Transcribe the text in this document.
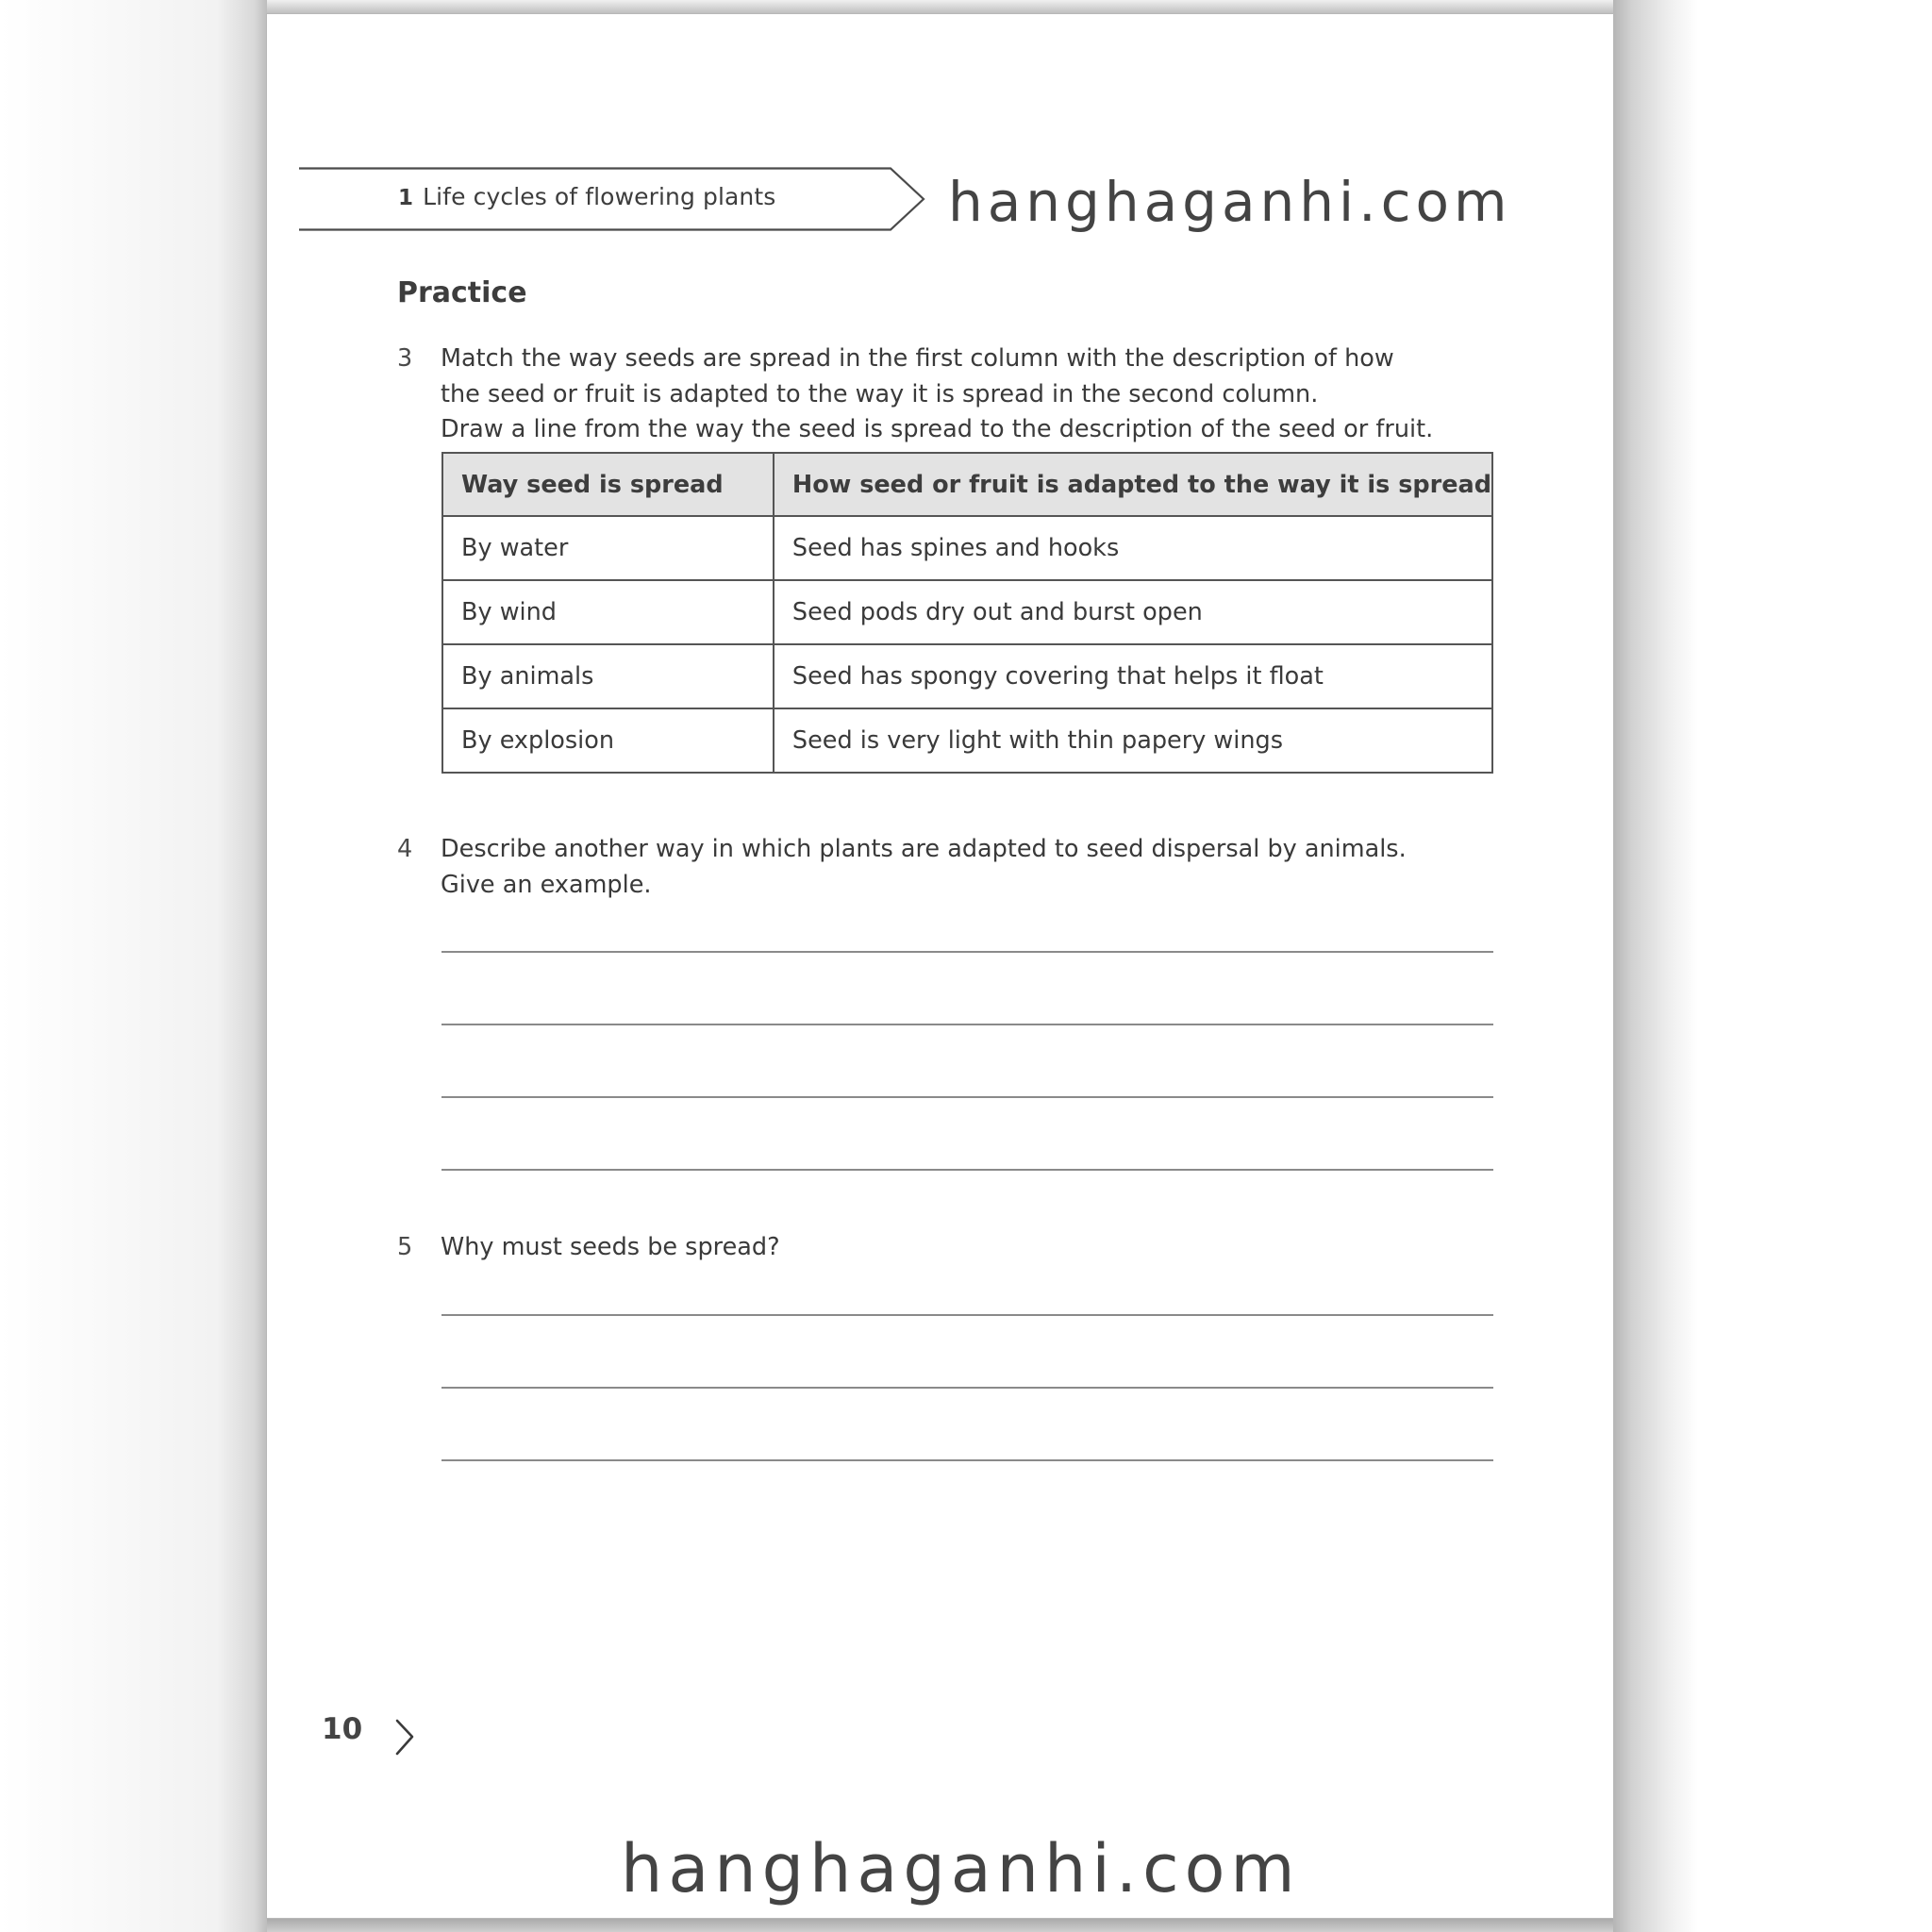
1 Life cycles of flowering plants	hanghaganhi.com
Practice
3	Match the way seeds are spread in the first column with the description of how
the seed or fruit is adapted to the way it is spread in the second column.
Draw a line from the way the seed is spread to the description of the seed or fruit.
Way seed is spread	How seed or fruit is adapted to the way it is spread
By water	Seed has spines and hooks
By wind	Seed pods dry out and burst open
By animals	Seed has spongy covering that helps it float
By explosion	Seed is very light with thin papery wings
4	Describe another way in which plants are adapted to seed dispersal by animals.
Give an example.
5	Why must seeds be spread?
10
hanghaganhi.com
